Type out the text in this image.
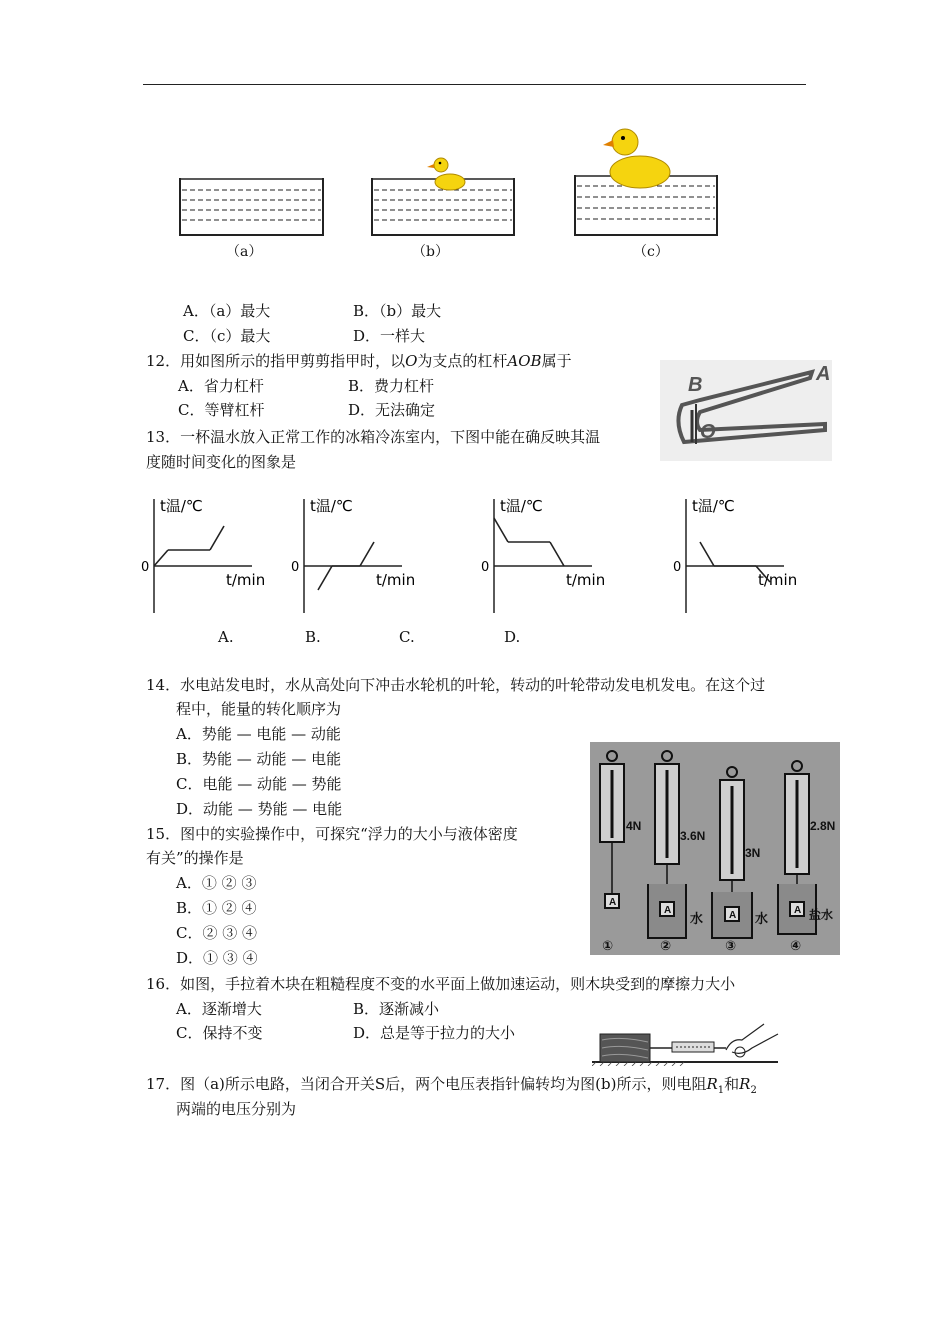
（a）	（b）	（c）
A．（a）最大	B．（b）最大
C．（c）最大	D．一样大
12．用如图所示的指甲剪剪指甲时，以O为支点的杠杆AOB属于
A．省力杠杆	B．费力杠杆
C．等臂杠杆	D．无法确定
B	A
O
13．一杯温水放入正常工作的冰箱冷冻室内，下图中能在确反映其温
度随时间变化的图象是
t温/℃
t/min
0
t温/℃
t/min
0
t温/℃
t/min
0
t温/℃
t/min
0
A.	B.	C.	D.
14．水电站发电时，水从高处向下冲击水轮机的叶轮，转动的叶轮带动发电机发电。在这个过
程中，能量的转化顺序为
A．势能 — 电能 — 动能
B．势能 — 动能 — 电能
C．电能 — 动能 — 势能
D．动能 — 势能 — 电能
15．图中的实验操作中，可探究“浮力的大小与液体密度
有关”的操作是
A．① ② ③
B．① ② ④
C．② ③ ④
D．① ③ ④
4N
3.6N
3N
2.8N
A
A	A	A
水	水	盐水
①	②	③	④
16．如图，手拉着木块在粗糙程度不变的水平面上做加速运动，则木块受到的摩擦力大小
A．逐渐增大	B．逐渐减小
C．保持不变	D．总是等于拉力的大小
17．图（a)所示电路，当闭合开关S后，两个电压表指针偏转均为图(b)所示，则电阻$R_1$和$R_2$
两端的电压分别为
